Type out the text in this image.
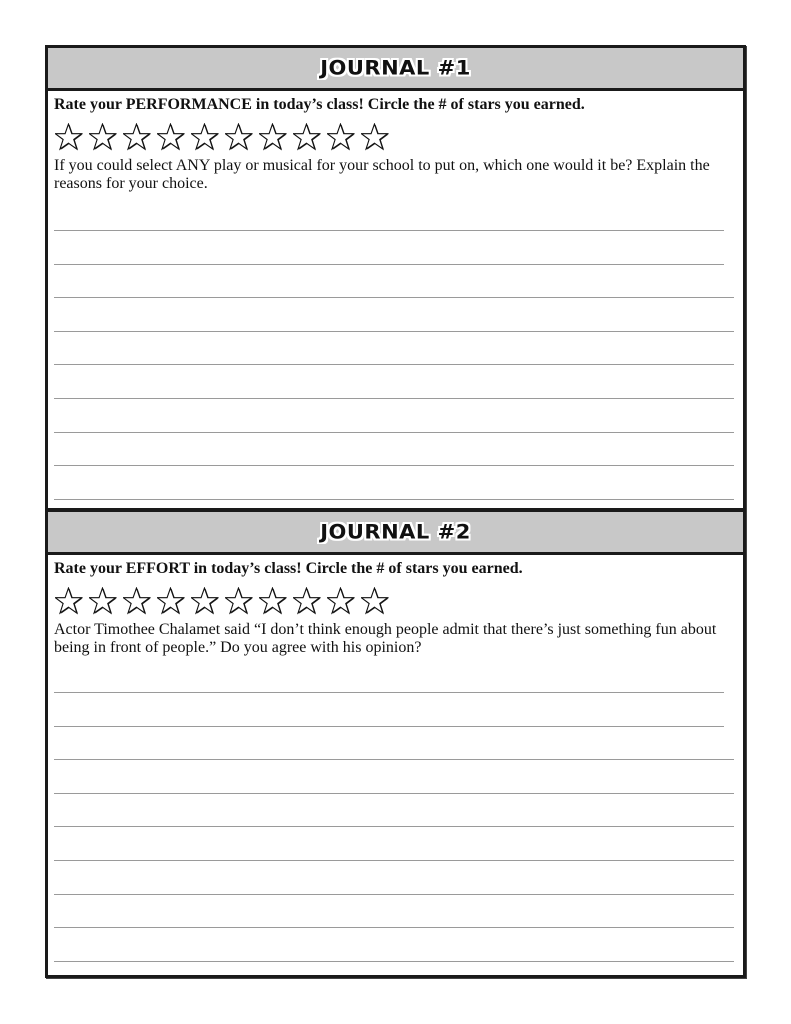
JOURNAL #1
Rate your PERFORMANCE in today’s class! Circle the # of stars you earned.
If you could select ANY play or musical for your school to put on, which one would it be? Explain the reasons for your choice.
JOURNAL #2
Rate your EFFORT in today’s class! Circle the # of stars you earned.
Actor Timothee Chalamet said “I don’t think enough people admit that there’s just something fun about being in front of people.” Do you agree with his opinion?
